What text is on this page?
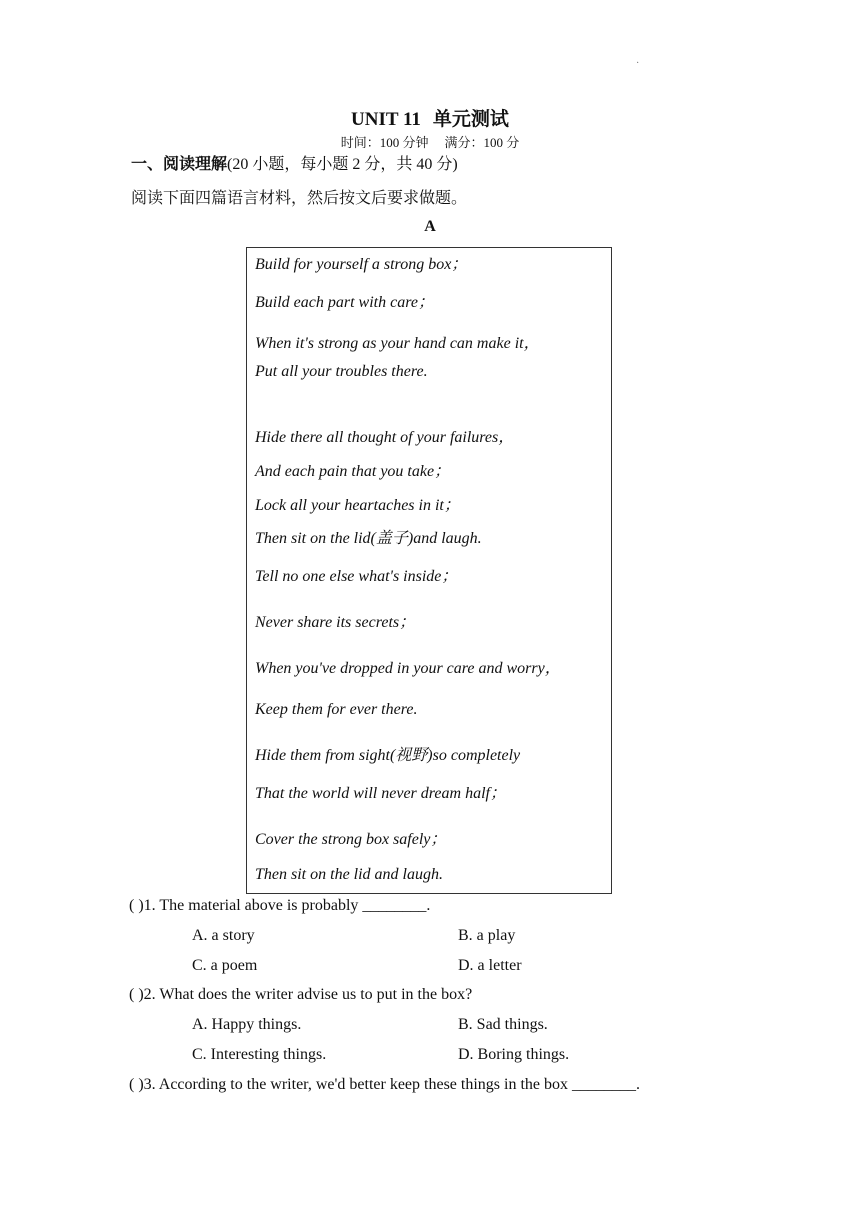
·
UNIT 11 单元测试
时间：100 分钟 满分：100 分
一、阅读理解(20 小题，每小题 2 分，共 40 分)
阅读下面四篇语言材料，然后按文后要求做题。
A
Build for yourself a strong box；
Build each part with care；
When it's strong as your hand can make it，
Put all your troubles there.
Hide there all thought of your failures，
And each pain that you take；
Lock all your heartaches in it；
Then sit on the lid(盖子)and laugh.
Tell no one else what's inside；
Never share its secrets；
When you've dropped in your care and worry，
Keep them for ever there.
Hide them from sight(视野)so completely
That the world will never dream half；
Cover the strong box safely；
Then sit on the lid and laugh.
( )1. The material above is probably ________.
A. a story	B. a play
C. a poem	D. a letter
( )2. What does the writer advise us to put in the box?
A. Happy things.	B. Sad things.
C. Interesting things.	D. Boring things.
( )3. According to the writer, we'd better keep these things in the box ________.
